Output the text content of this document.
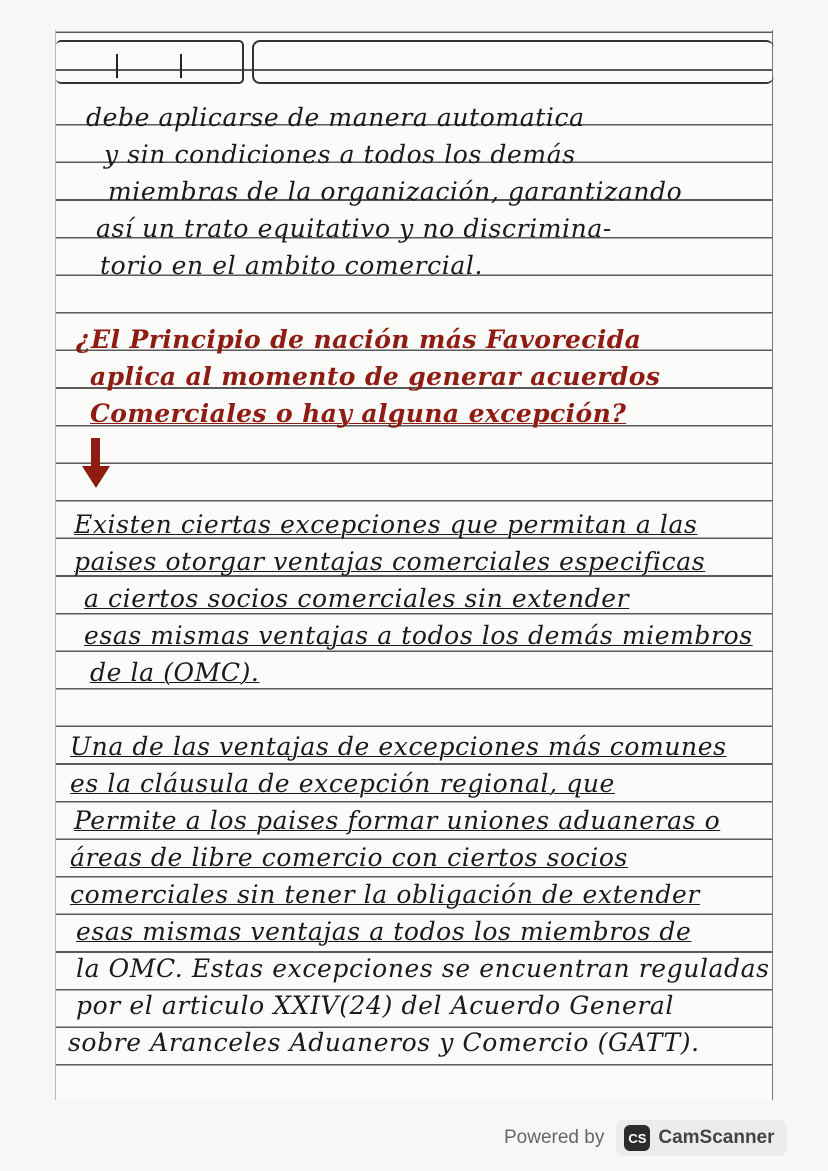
debe aplicarse de manera automatica
y sin condiciones a todos los demás
miembras de la organización, garantizando
así un trato equitativo y no discrimina-
torio en el ambito comercial.
¿El Principio de nación más Favorecida
aplica al momento de generar acuerdos
Comerciales o hay alguna excepción?
Existen ciertas excepciones que permitan a las
paises otorgar ventajas comerciales especificas
a ciertos socios comerciales sin extender
esas mismas ventajas a todos los demás miembros
de la (OMC).
Una de las ventajas de excepciones más comunes
es la cláusula de excepción regional, que
Permite a los paises formar uniones aduaneras o
áreas de libre comercio con ciertos socios
comerciales sin tener la obligación de extender
esas mismas ventajas a todos los miembros de
la OMC. Estas excepciones se encuentran reguladas
por el articulo XXIV(24) del Acuerdo General
sobre Aranceles Aduaneros y Comercio (GATT).
Powered by	CS CamScanner
